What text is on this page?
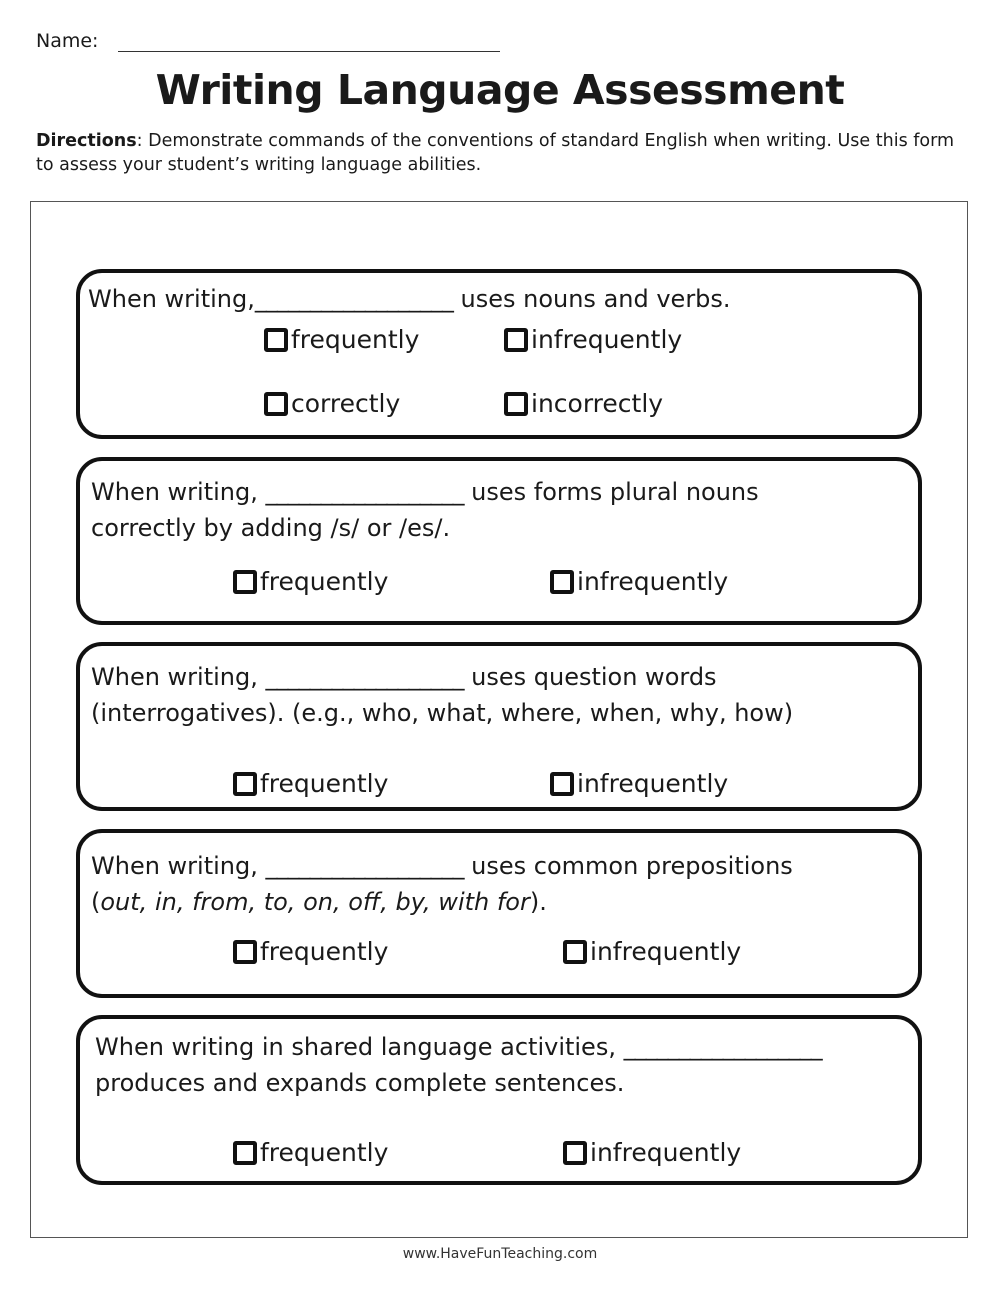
Name:
Writing Language Assessment
Directions: Demonstrate commands of the conventions of standard English when writing. Use this form to assess your student’s writing language abilities.
When writing,__________________ uses nouns and verbs.
frequently	infrequently
correctly	incorrectly
When writing, __________________ uses forms plural nouns
correctly by adding /s/ or /es/.
frequently	infrequently
When writing, __________________ uses question words
(interrogatives). (e.g., who, what, where, when, why, how)
frequently	infrequently
When writing, __________________ uses common prepositions
(out, in, from, to, on, off, by, with for).
frequently	infrequently
When writing in shared language activities, __________________
produces and expands complete sentences.
frequently	infrequently
www.HaveFunTeaching.com
